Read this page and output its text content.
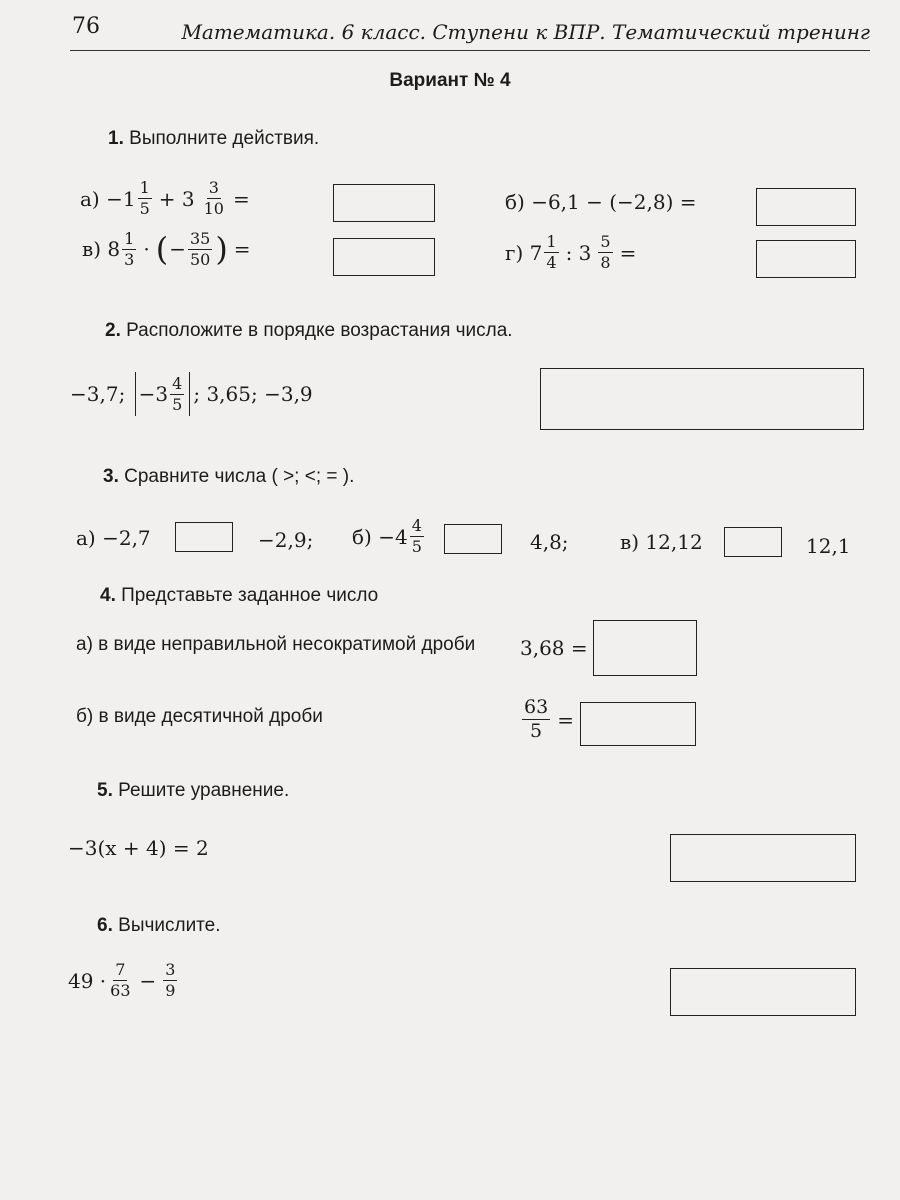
76	Математика. 6 класс. Ступени к ВПР. Тематический тренинг
Вариант № 4
1. Выполните действия.
а)
$-1 \frac{1}{5} + 3 \frac{3}{10}$ =	б)
−6,1 − (−2,8) =
в)
$8 \frac{1}{3}$ · ( − $\frac{35}{50}$ ) =	г)
$7 \frac{1}{4}$ : $3 \frac{5}{8}$ =
2. Расположите в порядке возрастания числа.
−3,7;
$-3 \frac{4}{5}$ ;
3,65;
−3,9
3. Сравните числа ( >; <; = ).
а) −2,7	−2,9; $б) -4 \frac{4}{5}$	4,8;	в) 12,12	12,1
4. Представьте заданное число
а) в виде неправильной несократимой дроби 3,68 =
б) в виде десятичной дроби	$\frac{63}{5}$ =
5. Решите уравнение.
−3(x + 4) = 2
6. Вычислите.
$49 \cdot \frac{7}{63} - \frac{3}{9}$
